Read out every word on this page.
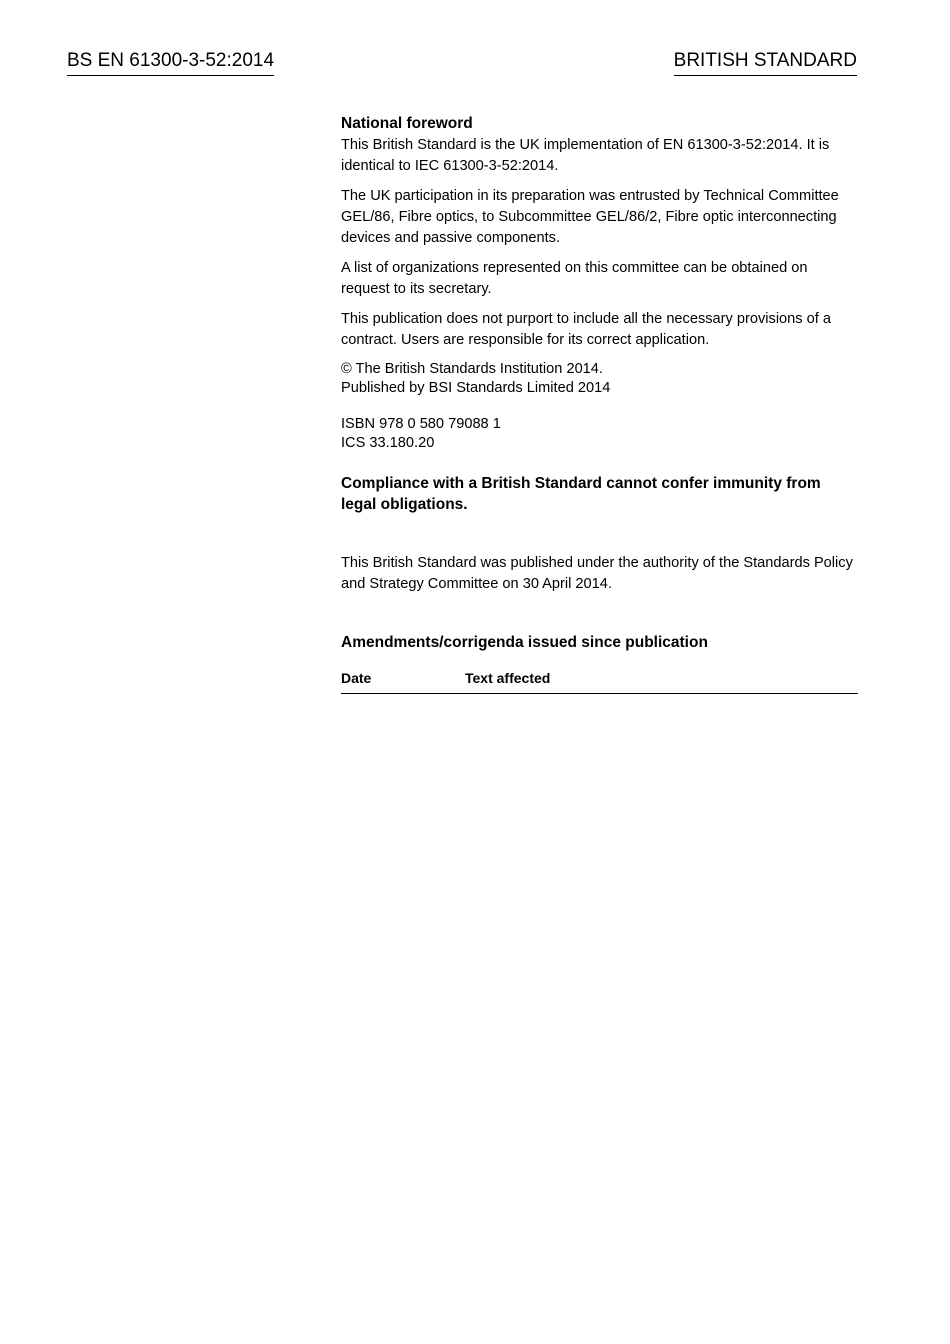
BS EN 61300-3-52:2014	BRITISH STANDARD

National foreword

This British Standard is the UK implementation of EN 61300-3-52:2014. It is identical to IEC 61300-3-52:2014.

The UK participation in its preparation was entrusted by Technical Committee GEL/86, Fibre optics, to Subcommittee GEL/86/2, Fibre optic interconnecting devices and passive components.

A list of organizations represented on this committee can be obtained on request to its secretary.

This publication does not purport to include all the necessary provisions of a contract. Users are responsible for its correct application.

© The British Standards Institution 2014.
Published by BSI Standards Limited 2014

ISBN 978 0 580 79088 1
ICS 33.180.20

Compliance with a British Standard cannot confer immunity from legal obligations.

This British Standard was published under the authority of the Standards Policy and Strategy Committee on 30 April 2014.

Amendments/corrigenda issued since publication

Date	Text affected
